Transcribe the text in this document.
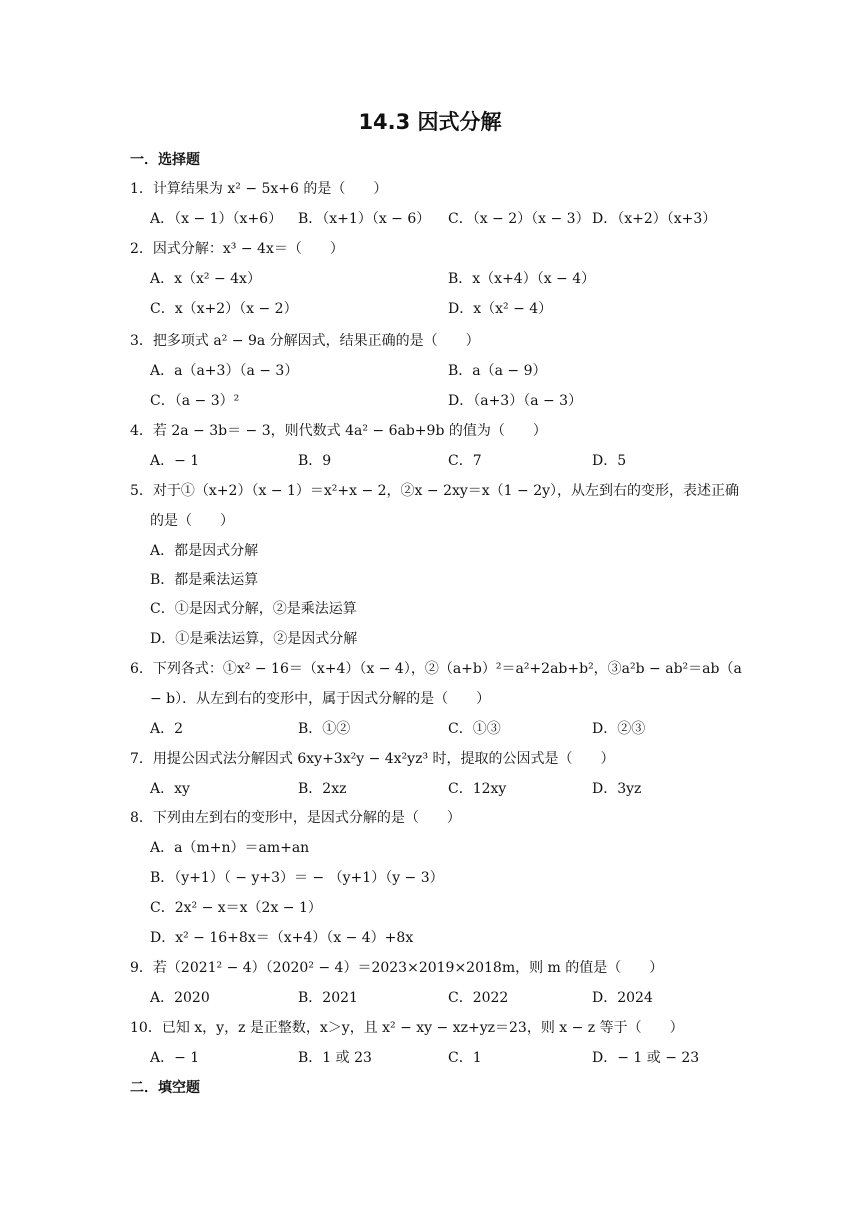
14.3 因式分解
一．选择题
1．计算结果为 x² − 5x+6 的是（　　）
A．（x − 1）（x+6） B．（x+1）（x − 6） C．（x − 2）（x − 3） D．（x+2）（x+3）
2．因式分解：x³ − 4x＝（　　）
A．x（x² − 4x）	B．x（x+4）（x − 4）
C．x（x+2）（x − 2）	D．x（x² − 4）
3．把多项式 a² − 9a 分解因式，结果正确的是（　　）
A．a（a+3）（a − 3）	B．a（a − 9）
C．（a − 3）²	D．（a+3）（a − 3）
4．若 2a − 3b＝ − 3，则代数式 4a² − 6ab+9b 的值为（　　）
A．− 1	B．9	C．7	D．5
5．对于①（x+2）（x − 1）＝x²+x − 2，②x − 2xy＝x（1 − 2y），从左到右的变形，表述正确
的是（　　）
A．都是因式分解
B．都是乘法运算
C．①是因式分解，②是乘法运算
D．①是乘法运算，②是因式分解
6．下列各式：①x² − 16＝（x+4）（x − 4），②（a+b）²＝a²+2ab+b²，③a²b − ab²＝ab（a
− b）．从左到右的变形中，属于因式分解的是（　　）
A．2	B．①②	C．①③	D．②③
7．用提公因式法分解因式 6xy+3x²y − 4x²yz³ 时，提取的公因式是（　　）
A．xy	B．2xz	C．12xy	D．3yz
8．下列由左到右的变形中，是因式分解的是（　　）
A．a（m+n）＝am+an
B．（y+1）（ − y+3）＝ − （y+1）（y − 3）
C．2x² − x＝x（2x − 1）
D．x² − 16+8x＝（x+4）（x − 4）+8x
9．若（2021² − 4）（2020² − 4）＝2023×2019×2018m，则 m 的值是（　　）
A．2020	B．2021	C．2022	D．2024
10．已知 x，y，z 是正整数，x＞y，且 x² − xy − xz+yz＝23，则 x − z 等于（　　）
A．− 1	B．1 或 23	C．1	D．− 1 或 − 23
二．填空题
